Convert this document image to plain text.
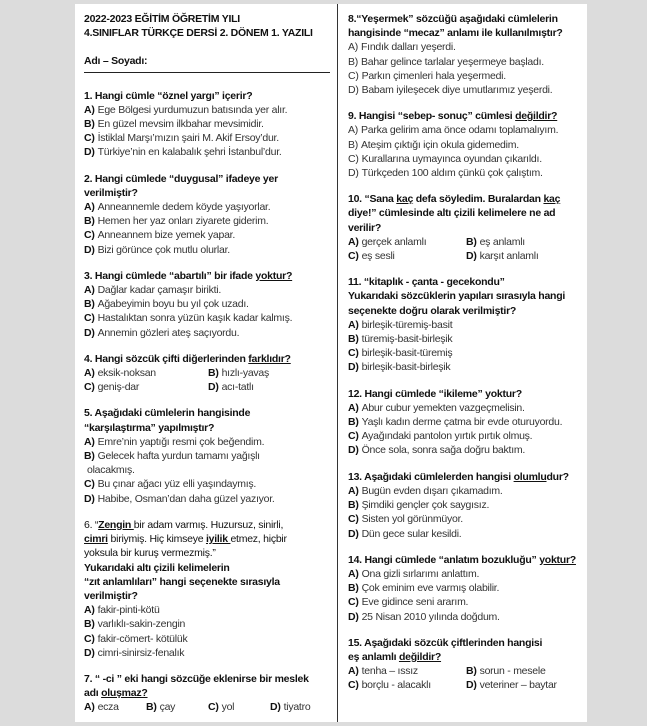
2022-2023 EĞİTİM ÖĞRETİM YILI
4.SINIFLAR TÜRKÇE DERSİ 2. DÖNEM 1. YAZILI
Adı – Soyadı:
1. Hangi cümle “öznel yargı” içerir?
A) Ege Bölgesi yurdumuzun batısında yer alır.
B) En güzel mevsim ilkbahar mevsimidir.
C) İstiklal Marşı’mızın şairi M. Akif Ersoy’dur.
D) Türkiye’nin en kalabalık şehri İstanbul’dur.
2. Hangi cümlede “duygusal” ifadeye yer
verilmiştir?
A) Anneannemle dedem köyde yaşıyorlar.
B) Hemen her yaz onları ziyarete giderim.
C) Anneannem bize yemek yapar.
D) Bizi görünce çok mutlu olurlar.
3. Hangi cümlede “abartılı” bir ifade yoktur?
A) Dağlar kadar çamaşır birikti.
B) Ağabeyimin boyu bu yıl çok uzadı.
C) Hastalıktan sonra yüzün kaşık kadar kalmış.
D) Annemin gözleri ateş saçıyordu.
4. Hangi sözcük çifti diğerlerinden farklıdır?
A) eksik-noksan	B) hızlı-yavaş
C) geniş-dar	D) acı-tatlı
5. Aşağıdaki cümlelerin hangisinde
“karşılaştırma” yapılmıştır?
A) Emre’nin yaptığı resmi çok beğendim.
B) Gelecek hafta yurdun tamamı yağışlı
olacakmış.
C) Bu çınar ağacı yüz elli yaşındaymış.
D) Habibe, Osman’dan daha güzel yazıyor.
6. “Zengin bir adam varmış. Huzursuz, sinirli,
cimri biriymiş. Hiç kimseye iyilik etmez, hiçbir
yoksula bir kuruş vermezmiş.”
Yukarıdaki altı çizili kelimelerin
“zıt anlamlıları” hangi seçenekte sırasıyla
verilmiştir?
A) fakir-pinti-kötü
B) varlıklı-sakin-zengin
C) fakir-cömert- kötülük
D) cimri-sinirsiz-fenalık
7. “ -ci ” eki hangi sözcüğe eklenirse bir meslek
adı oluşmaz?
A) ecza	B) çay	C) yol	D) tiyatro
8.“Yeşermek” sözcüğü aşağıdaki cümlelerin
hangisinde “mecaz” anlamı ile kullanılmıştır?
A) Fındık dalları yeşerdi.
B) Bahar gelince tarlalar yeşermeye başladı.
C) Parkın çimenleri hala yeşermedi.
D) Babam iyileşecek diye umutlarımız yeşerdi.
9. Hangisi “sebep- sonuç” cümlesi değildir?
A) Parka gelirim ama önce odamı toplamalıyım.
B) Ateşim çıktığı için okula gidemedim.
C) Kurallarına uymayınca oyundan çıkarıldı.
D) Türkçeden 100 aldım çünkü çok çalıştım.
10. “Sana kaç defa söyledim. Buralardan kaç
diye!” cümlesinde altı çizili kelimelere ne ad
verilir?
A) gerçek anlamlı	B) eş anlamlı
C) eş sesli	D) karşıt anlamlı
11. “kitaplık - çanta - gecekondu”
Yukarıdaki sözcüklerin yapıları sırasıyla hangi
seçenekte doğru olarak verilmiştir?
A) birleşik-türemiş-basit
B) türemiş-basit-birleşik
C) birleşik-basit-türemiş
D) birleşik-basit-birleşik
12. Hangi cümlede “ikileme” yoktur?
A) Abur cubur yemekten vazgeçmelisin.
B) Yaşlı kadın derme çatma bir evde oturuyordu.
C) Ayağındaki pantolon yırtık pırtık olmuş.
D) Önce sola, sonra sağa doğru baktım.
13. Aşağıdaki cümlelerden hangisi olumludur?
A) Bugün evden dışarı çıkamadım.
B) Şimdiki gençler çok saygısız.
C) Sisten yol görünmüyor.
D) Dün gece sular kesildi.
14. Hangi cümlede “anlatım bozukluğu” yoktur?
A) Ona gizli sırlarımı anlattım.
B) Çok eminim eve varmış olabilir.
C) Eve gidince seni ararım.
D) 25 Nisan 2010 yılında doğdum.
15. Aşağıdaki sözcük çiftlerinden hangisi
eş anlamlı değildir?
A) tenha – ıssız	B) sorun - mesele
C) borçlu - alacaklı	D) veteriner – baytar
